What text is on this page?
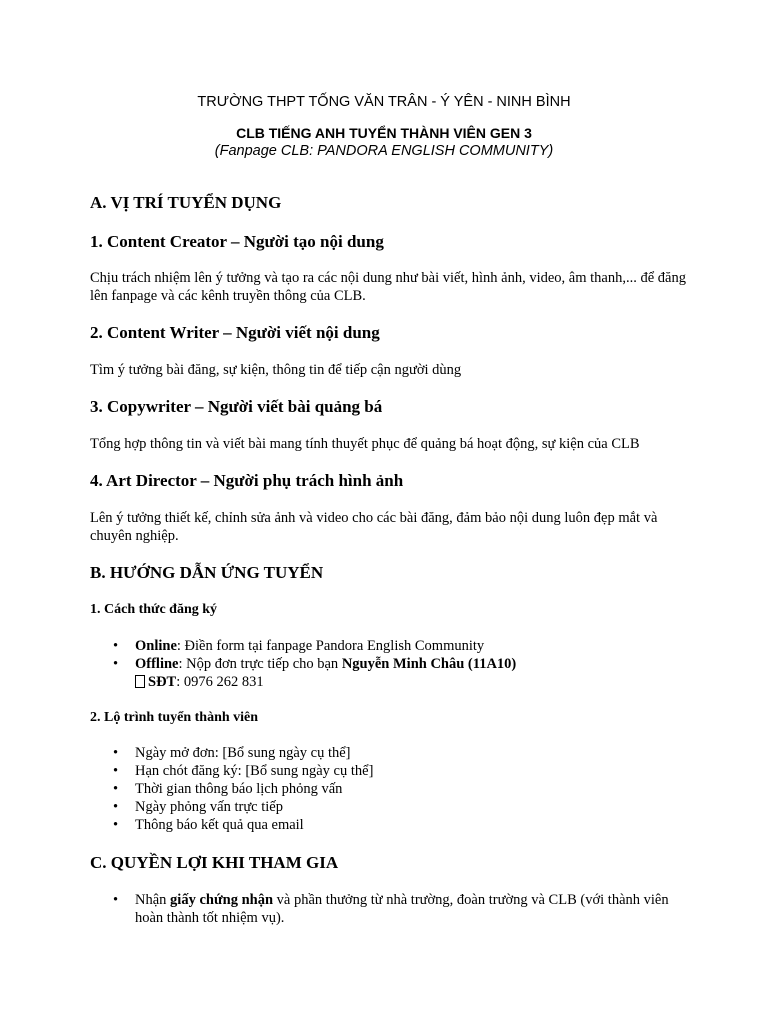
TRƯỜNG THPT TỐNG VĂN TRÂN - Ý YÊN - NINH BÌNH
CLB TIẾNG ANH TUYỂN THÀNH VIÊN GEN 3
(Fanpage CLB: PANDORA ENGLISH COMMUNITY)

A. VỊ TRÍ TUYỂN DỤNG

1. Content Creator – Người tạo nội dung

Chịu trách nhiệm lên ý tưởng và tạo ra các nội dung như bài viết, hình ảnh, video, âm thanh,... để đăng lên fanpage và các kênh truyền thông của CLB.

2. Content Writer – Người viết nội dung

Tìm ý tưởng bài đăng, sự kiện, thông tin để tiếp cận người dùng

3. Copywriter – Người viết bài quảng bá

Tổng hợp thông tin và viết bài mang tính thuyết phục để quảng bá hoạt động, sự kiện của CLB

4. Art Director – Người phụ trách hình ảnh

Lên ý tưởng thiết kế, chỉnh sửa ảnh và video cho các bài đăng, đảm bảo nội dung luôn đẹp mắt và chuyên nghiệp.

B. HƯỚNG DẪN ỨNG TUYỂN

1. Cách thức đăng ký

• Online: Điền form tại fanpage Pandora English Community
• Offline: Nộp đơn trực tiếp cho bạn Nguyễn Minh Châu (11A10)
SĐT: 0976 262 831

2. Lộ trình tuyển thành viên

• Ngày mở đơn: [Bổ sung ngày cụ thể]
• Hạn chót đăng ký: [Bổ sung ngày cụ thể]
• Thời gian thông báo lịch phỏng vấn
• Ngày phỏng vấn trực tiếp
• Thông báo kết quả qua email

C. QUYỀN LỢI KHI THAM GIA

• Nhận giấy chứng nhận và phần thưởng từ nhà trường, đoàn trường và CLB (với thành viên hoàn thành tốt nhiệm vụ).
